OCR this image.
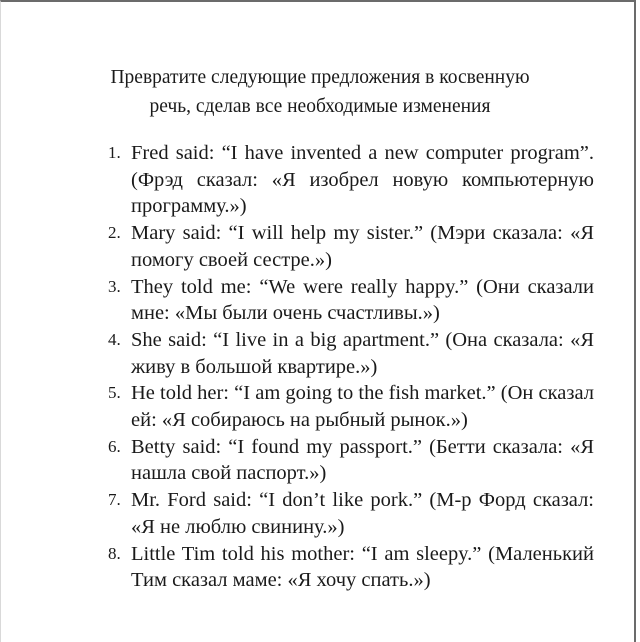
Превратите следующие предложения в косвенную
речь, сделав все необходимые изменения
1. Fred said: “I have invented a new computer program”. (Фрэд сказал: «Я изобрел новую компьютерную программу.»)
2. Mary said: “I will help my sister.” (Мэри сказала: «Я помогу своей сестре.»)
3. They told me: “We were really happy.” (Они сказали мне: «Мы были очень счастливы.»)
4. She said: “I live in a big apartment.” (Она сказала: «Я живу в большой квартире.»)
5. He told her: “I am going to the fish market.” (Он сказал ей: «Я собираюсь на рыбный рынок.»)
6. Betty said: “I found my passport.” (Бетти сказала: «Я нашла свой паспорт.»)
7. Mr. Ford said: “I don’t like pork.” (М-р Форд сказал: «Я не люблю свинину.»)
8. Little Tim told his mother: “I am sleepy.” (Маленький Тим сказал маме: «Я хочу спать.»)
